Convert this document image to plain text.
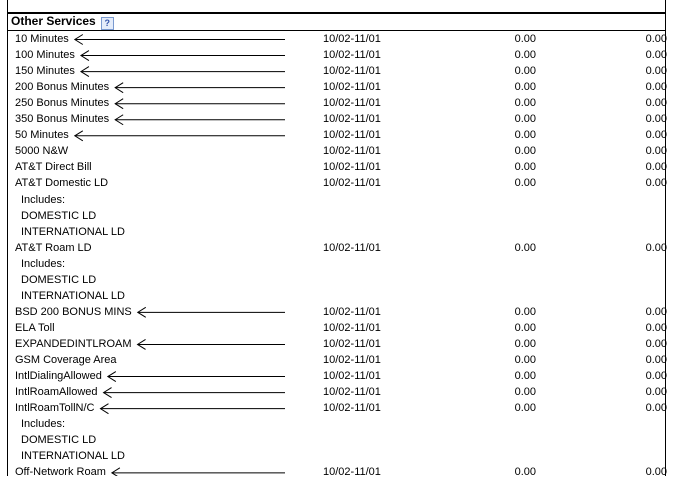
Other Services ?
10 Minutes	10/02-11/01	0.00	0.00
100 Minutes	10/02-11/01	0.00	0.00
150 Minutes	10/02-11/01	0.00	0.00
200 Bonus Minutes	10/02-11/01	0.00	0.00
250 Bonus Minutes	10/02-11/01	0.00	0.00
350 Bonus Minutes	10/02-11/01	0.00	0.00
50 Minutes	10/02-11/01	0.00	0.00
5000 N&W	10/02-11/01	0.00	0.00
AT&T Direct Bill	10/02-11/01	0.00	0.00
AT&T Domestic LD	10/02-11/01	0.00	0.00
Includes:
DOMESTIC LD
INTERNATIONAL LD
AT&T Roam LD	10/02-11/01	0.00	0.00
Includes:
DOMESTIC LD
INTERNATIONAL LD
BSD 200 BONUS MINS	10/02-11/01	0.00	0.00
ELA Toll	10/02-11/01	0.00	0.00
EXPANDEDINTLROAM	10/02-11/01	0.00	0.00
GSM Coverage Area	10/02-11/01	0.00	0.00
IntlDialingAllowed	10/02-11/01	0.00	0.00
IntlRoamAllowed	10/02-11/01	0.00	0.00
IntlRoamTollN/C	10/02-11/01	0.00	0.00
Includes:
DOMESTIC LD
INTERNATIONAL LD
Off-Network Roam	10/02-11/01	0.00	0.00
